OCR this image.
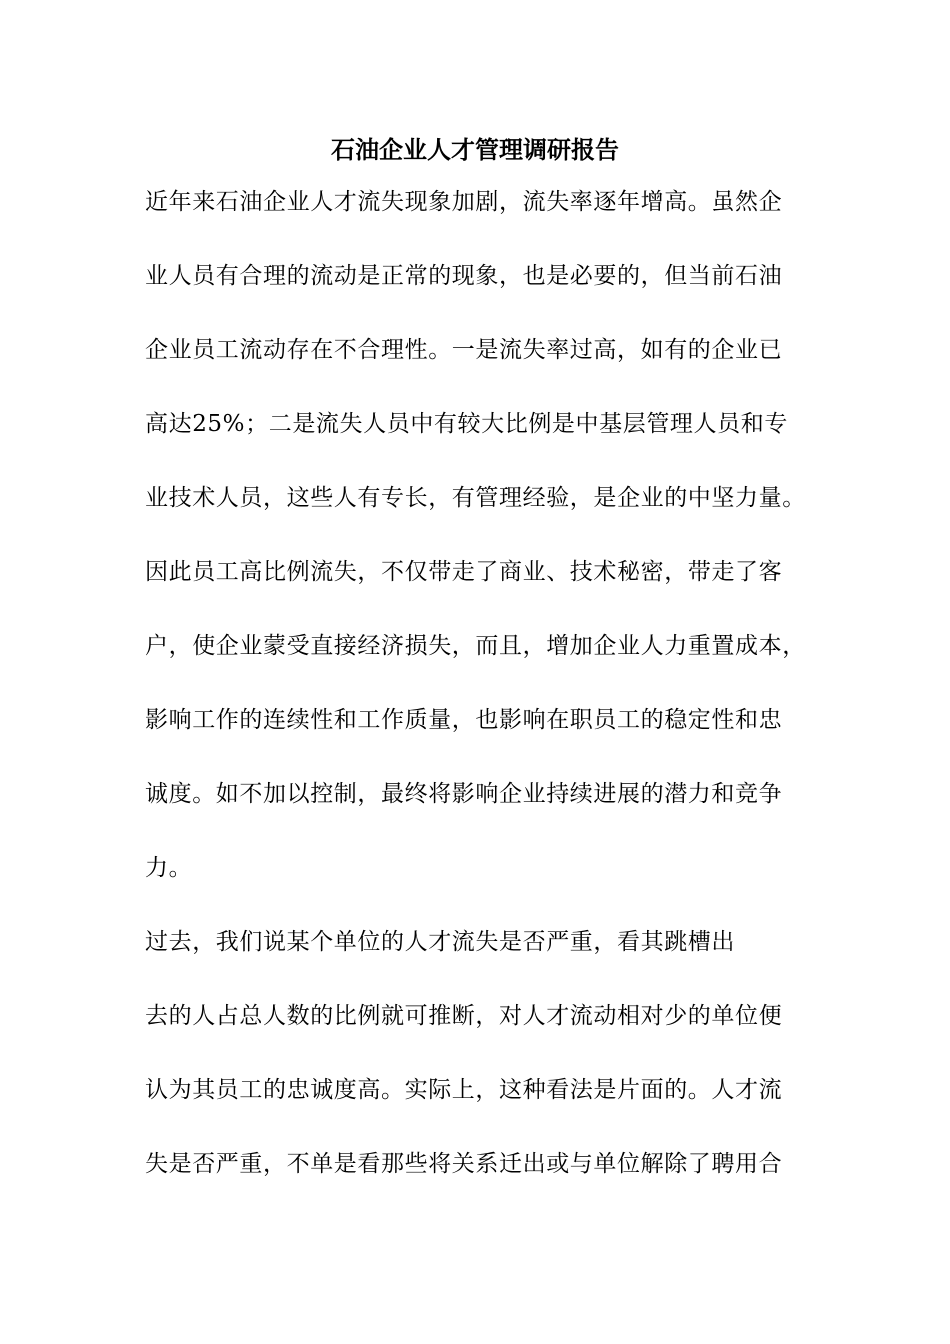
石油企业人才管理调研报告
近年来石油企业人才流失现象加剧，流失率逐年增高。虽然企
业人员有合理的流动是正常的现象，也是必要的，但当前石油
企业员工流动存在不合理性。一是流失率过高，如有的企业已
高达25%；二是流失人员中有较大比例是中基层管理人员和专
业技术人员，这些人有专长，有管理经验，是企业的中坚力量。
因此员工高比例流失，不仅带走了商业、技术秘密，带走了客
户，使企业蒙受直接经济损失，而且，增加企业人力重置成本，
影响工作的连续性和工作质量，也影响在职员工的稳定性和忠
诚度。如不加以控制，最终将影响企业持续进展的潜力和竞争
力。
过去，我们说某个单位的人才流失是否严重，看其跳槽出
去的人占总人数的比例就可推断，对人才流动相对少的单位便
认为其员工的忠诚度高。实际上，这种看法是片面的。人才流
失是否严重，不单是看那些将关系迁出或与单位解除了聘用合
